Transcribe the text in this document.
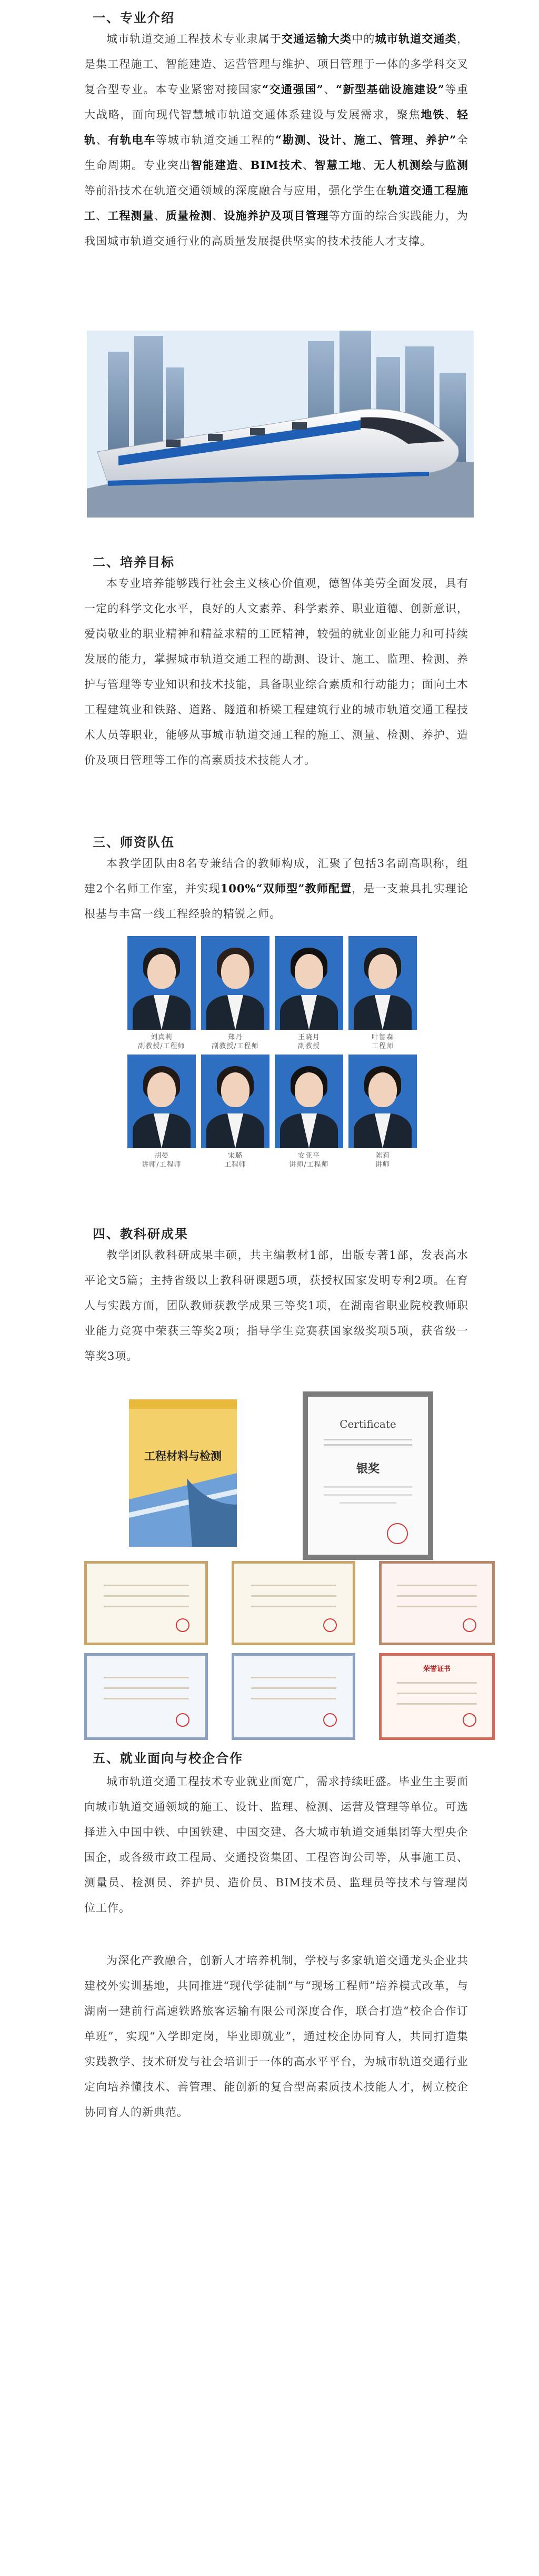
一、专业介绍
城市轨道交通工程技术专业隶属于交通运输大类中的城市轨道交通类，是集工程施工、智能建造、运营管理与维护、项目管理于一体的多学科交叉复合型专业。本专业紧密对接国家“交通强国”、“新型基础设施建设”等重大战略，面向现代智慧城市轨道交通体系建设与发展需求，聚焦地铁、轻轨、有轨电车等城市轨道交通工程的“勘测、设计、施工、管理、养护”全生命周期。专业突出智能建造、BIM技术、智慧工地、无人机测绘与监测等前沿技术在轨道交通领域的深度融合与应用，强化学生在轨道交通工程施工、工程测量、质量检测、设施养护及项目管理等方面的综合实践能力，为我国城市轨道交通行业的高质量发展提供坚实的技术技能人才支撑。
二、培养目标
本专业培养能够践行社会主义核心价值观，德智体美劳全面发展，具有一定的科学文化水平，良好的人文素养、科学素养、职业道德、创新意识，爱岗敬业的职业精神和精益求精的工匠精神，较强的就业创业能力和可持续发展的能力，掌握城市轨道交通工程的勘测、设计、施工、监理、检测、养护与管理等专业知识和技术技能，具备职业综合素质和行动能力；面向土木工程建筑业和铁路、道路、隧道和桥梁工程建筑行业的城市轨道交通工程技术人员等职业，能够从事城市轨道交通工程的施工、测量、检测、养护、造价及项目管理等工作的高素质技术技能人才。
三、师资队伍
本教学团队由8名专兼结合的教师构成，汇聚了包括3名副高职称，组建2个名师工作室，并实现100%“双师型”教师配置，是一支兼具扎实理论根基与丰富一线工程经验的精锐之师。
刘真莉
副教授/工程师
郑丹
副教授/工程师
王晓月
副教授
叶智森
工程师
胡晏
讲师/工程师
宋璐
工程师
安亚平
讲师/工程师
陈莉
讲师
四、教科研成果
教学团队教科研成果丰硕，共主编教材1部，出版专著1部，发表高水平论文5篇；主持省级以上教科研课题5项，获授权国家发明专利2项。在育人与实践方面，团队教师获教学成果三等奖1项，在湖南省职业院校教师职业能力竞赛中荣获三等奖2项；指导学生竞赛获国家级奖项5项，获省级一等奖3项。
工程材料与检测
Certificate
银奖
荣誉证书
五、就业面向与校企合作
城市轨道交通工程技术专业就业面宽广，需求持续旺盛。毕业生主要面向城市轨道交通领域的施工、设计、监理、检测、运营及管理等单位。可选择进入中国中铁、中国铁建、中国交建、各大城市轨道交通集团等大型央企国企，或各级市政工程局、交通投资集团、工程咨询公司等，从事施工员、测量员、检测员、养护员、造价员、BIM技术员、监理员等技术与管理岗位工作。
为深化产教融合，创新人才培养机制，学校与多家轨道交通龙头企业共建校外实训基地，共同推进“现代学徒制”与“现场工程师”培养模式改革，与湖南一建前行高速铁路旅客运输有限公司深度合作，联合打造“校企合作订单班”，实现“入学即定岗，毕业即就业”，通过校企协同育人，共同打造集实践教学、技术研发与社会培训于一体的高水平平台，为城市轨道交通行业定向培养懂技术、善管理、能创新的复合型高素质技术技能人才，树立校企协同育人的新典范。
